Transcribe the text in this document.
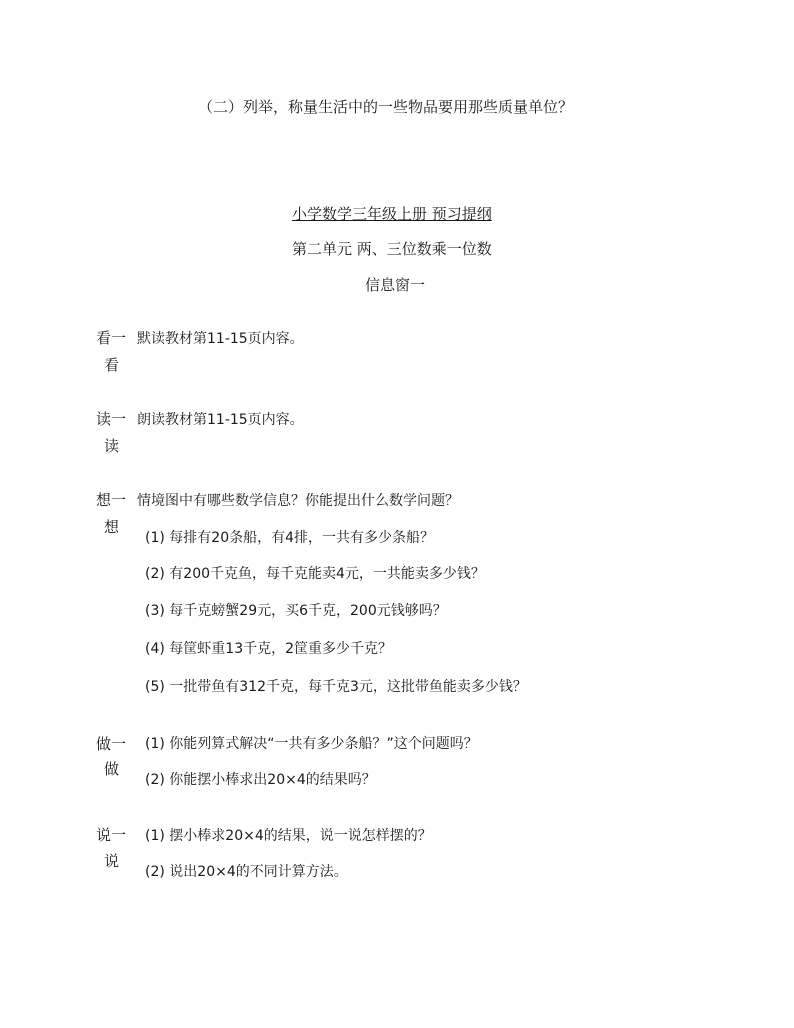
（二）列举，称量生活中的一些物品要用那些质量单位？
小学数学三年级上册 预习提纲
第二单元 两、三位数乘一位数
信息窗一
看一
看
默读教材第11-15页内容。
读一
读
朗读教材第11-15页内容。
想一
想
情境图中有哪些数学信息？你能提出什么数学问题？
(1) 每排有20条船，有4排，一共有多少条船？
(2) 有200千克鱼，每千克能卖4元，一共能卖多少钱？
(3) 每千克螃蟹29元，买6千克，200元钱够吗？
(4) 每筐虾重13千克，2筐重多少千克？
(5) 一批带鱼有312千克，每千克3元，这批带鱼能卖多少钱？
做一
做
(1) 你能列算式解决“一共有多少条船？”这个问题吗？
(2) 你能摆小棒求出20×4的结果吗？
说一
说
(1) 摆小棒求20×4的结果，说一说怎样摆的？
(2) 说出20×4的不同计算方法。
